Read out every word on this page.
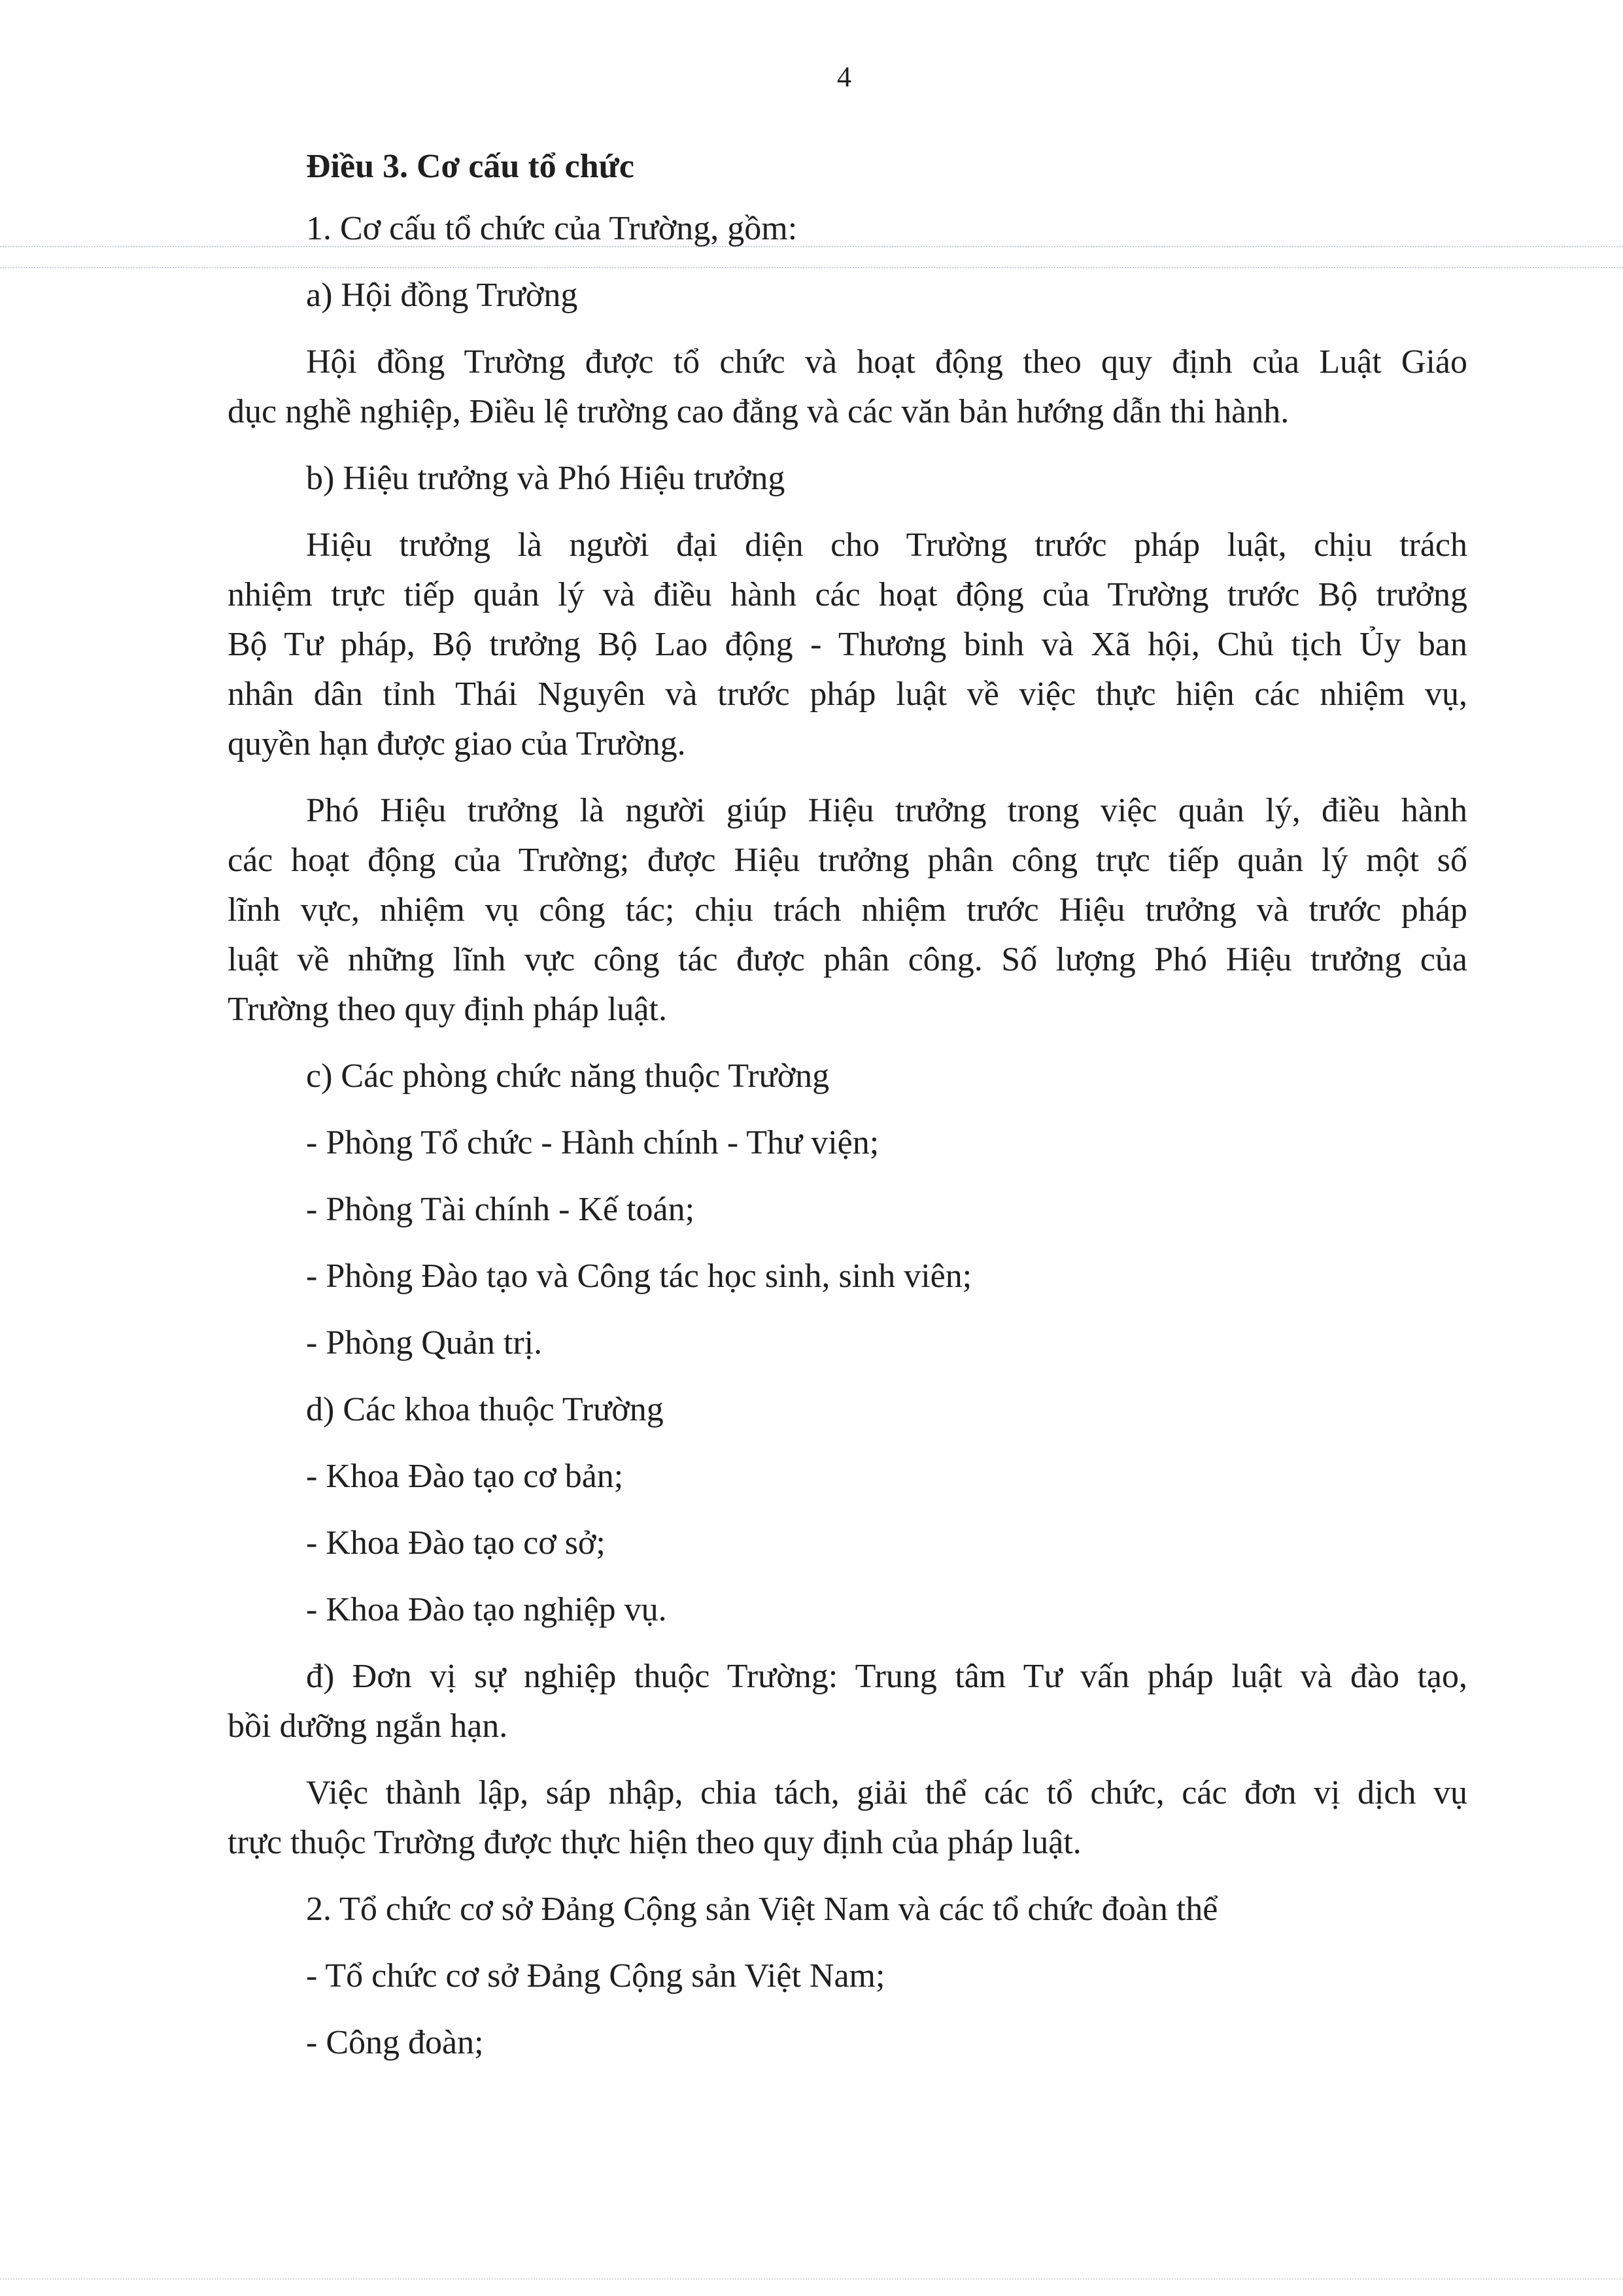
4
Điều 3. Cơ cấu tổ chức
1. Cơ cấu tổ chức của Trường, gồm:
a) Hội đồng Trường
Hội đồng Trường được tổ chức và hoạt động theo quy định của Luật Giáo
dục nghề nghiệp, Điều lệ trường cao đẳng và các văn bản hướng dẫn thi hành.
b) Hiệu trưởng và Phó Hiệu trưởng
Hiệu trưởng là người đại diện cho Trường trước pháp luật, chịu trách
nhiệm trực tiếp quản lý và điều hành các hoạt động của Trường trước Bộ trưởng
Bộ Tư pháp, Bộ trưởng Bộ Lao động - Thương binh và Xã hội, Chủ tịch Ủy ban
nhân dân tỉnh Thái Nguyên và trước pháp luật về việc thực hiện các nhiệm vụ,
quyền hạn được giao của Trường.
Phó Hiệu trưởng là người giúp Hiệu trưởng trong việc quản lý, điều hành
các hoạt động của Trường; được Hiệu trưởng phân công trực tiếp quản lý một số
lĩnh vực, nhiệm vụ công tác; chịu trách nhiệm trước Hiệu trưởng và trước pháp
luật về những lĩnh vực công tác được phân công. Số lượng Phó Hiệu trưởng của
Trường theo quy định pháp luật.
c) Các phòng chức năng thuộc Trường
- Phòng Tổ chức - Hành chính - Thư viện;
- Phòng Tài chính - Kế toán;
- Phòng Đào tạo và Công tác học sinh, sinh viên;
- Phòng Quản trị.
d) Các khoa thuộc Trường
- Khoa Đào tạo cơ bản;
- Khoa Đào tạo cơ sở;
- Khoa Đào tạo nghiệp vụ.
đ) Đơn vị sự nghiệp thuộc Trường: Trung tâm Tư vấn pháp luật và đào tạo,
bồi dưỡng ngắn hạn.
Việc thành lập, sáp nhập, chia tách, giải thể các tổ chức, các đơn vị dịch vụ
trực thuộc Trường được thực hiện theo quy định của pháp luật.
2. Tổ chức cơ sở Đảng Cộng sản Việt Nam và các tổ chức đoàn thể
- Tổ chức cơ sở Đảng Cộng sản Việt Nam;
- Công đoàn;
